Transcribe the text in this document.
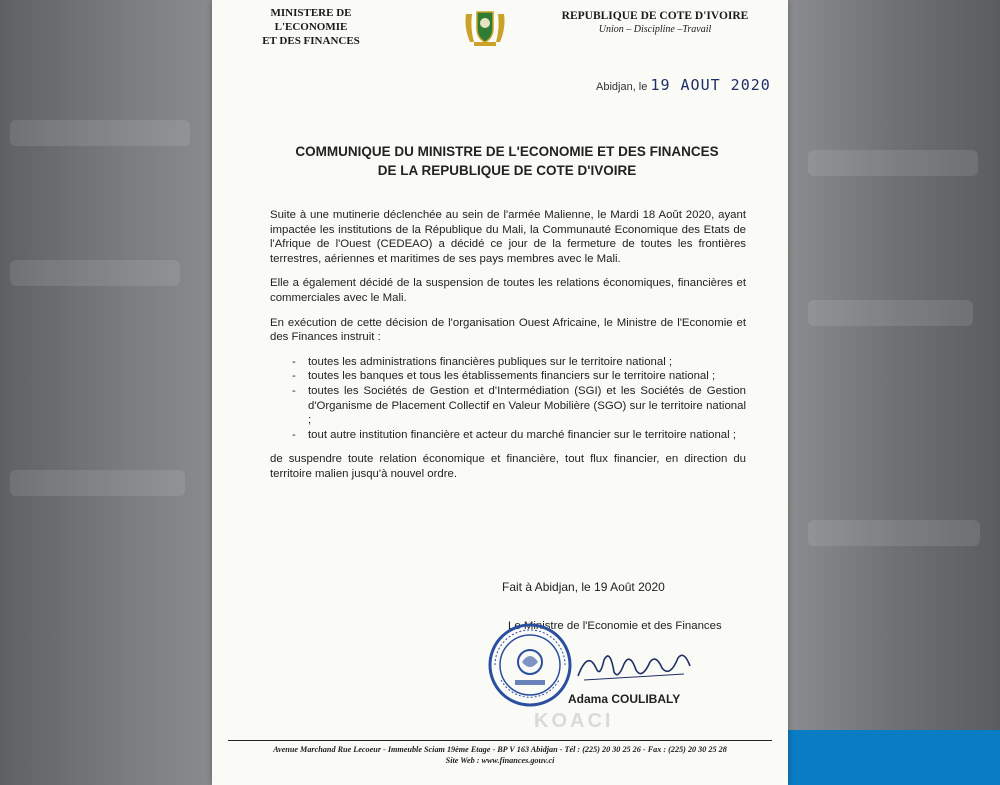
MINISTERE DE L'ECONOMIE
ET DES FINANCES
REPUBLIQUE DE COTE D'IVOIRE
Union – Discipline –Travail
Abidjan, le 19 AOUT 2020
COMMUNIQUE DU MINISTRE DE L'ECONOMIE ET DES FINANCES
DE LA REPUBLIQUE DE COTE D'IVOIRE

Suite à une mutinerie déclenchée au sein de l'armée Malienne, le Mardi 18 Août 2020, ayant impactée les institutions de la République du Mali, la Communauté Economique des Etats de l'Afrique de l'Ouest (CEDEAO) a décidé ce jour de la fermeture de toutes les frontières terrestres, aériennes et maritimes de ses pays membres avec le Mali.

Elle a également décidé de la suspension de toutes les relations économiques, financières et commerciales avec le Mali.

En exécution de cette décision de l'organisation Ouest Africaine, le Ministre de l'Economie et des Finances instruit :

- toutes les administrations financières publiques sur le territoire national ;
- toutes les banques et tous les établissements financiers sur le territoire national ;
- toutes les Sociétés de Gestion et d'Intermédiation (SGI) et les Sociétés de Gestion d'Organisme de Placement Collectif en Valeur Mobilière (SGO) sur le territoire national ;
- tout autre institution financière et acteur du marché financier sur le territoire national ;

de suspendre toute relation économique et financière, tout flux financier, en direction du territoire malien jusqu'à nouvel ordre.

Fait à Abidjan, le 19 Août 2020
Le Ministre de l'Economie et des Finances
Adama COULIBALY
KOACI
Avenue Marchand Rue Lecoeur - Immeuble Sciam 19ème Etage - BP V 163 Abidjan - Tél : (225) 20 30 25 26 - Fax : (225) 20 30 25 28
Site Web : www.finances.gouv.ci
